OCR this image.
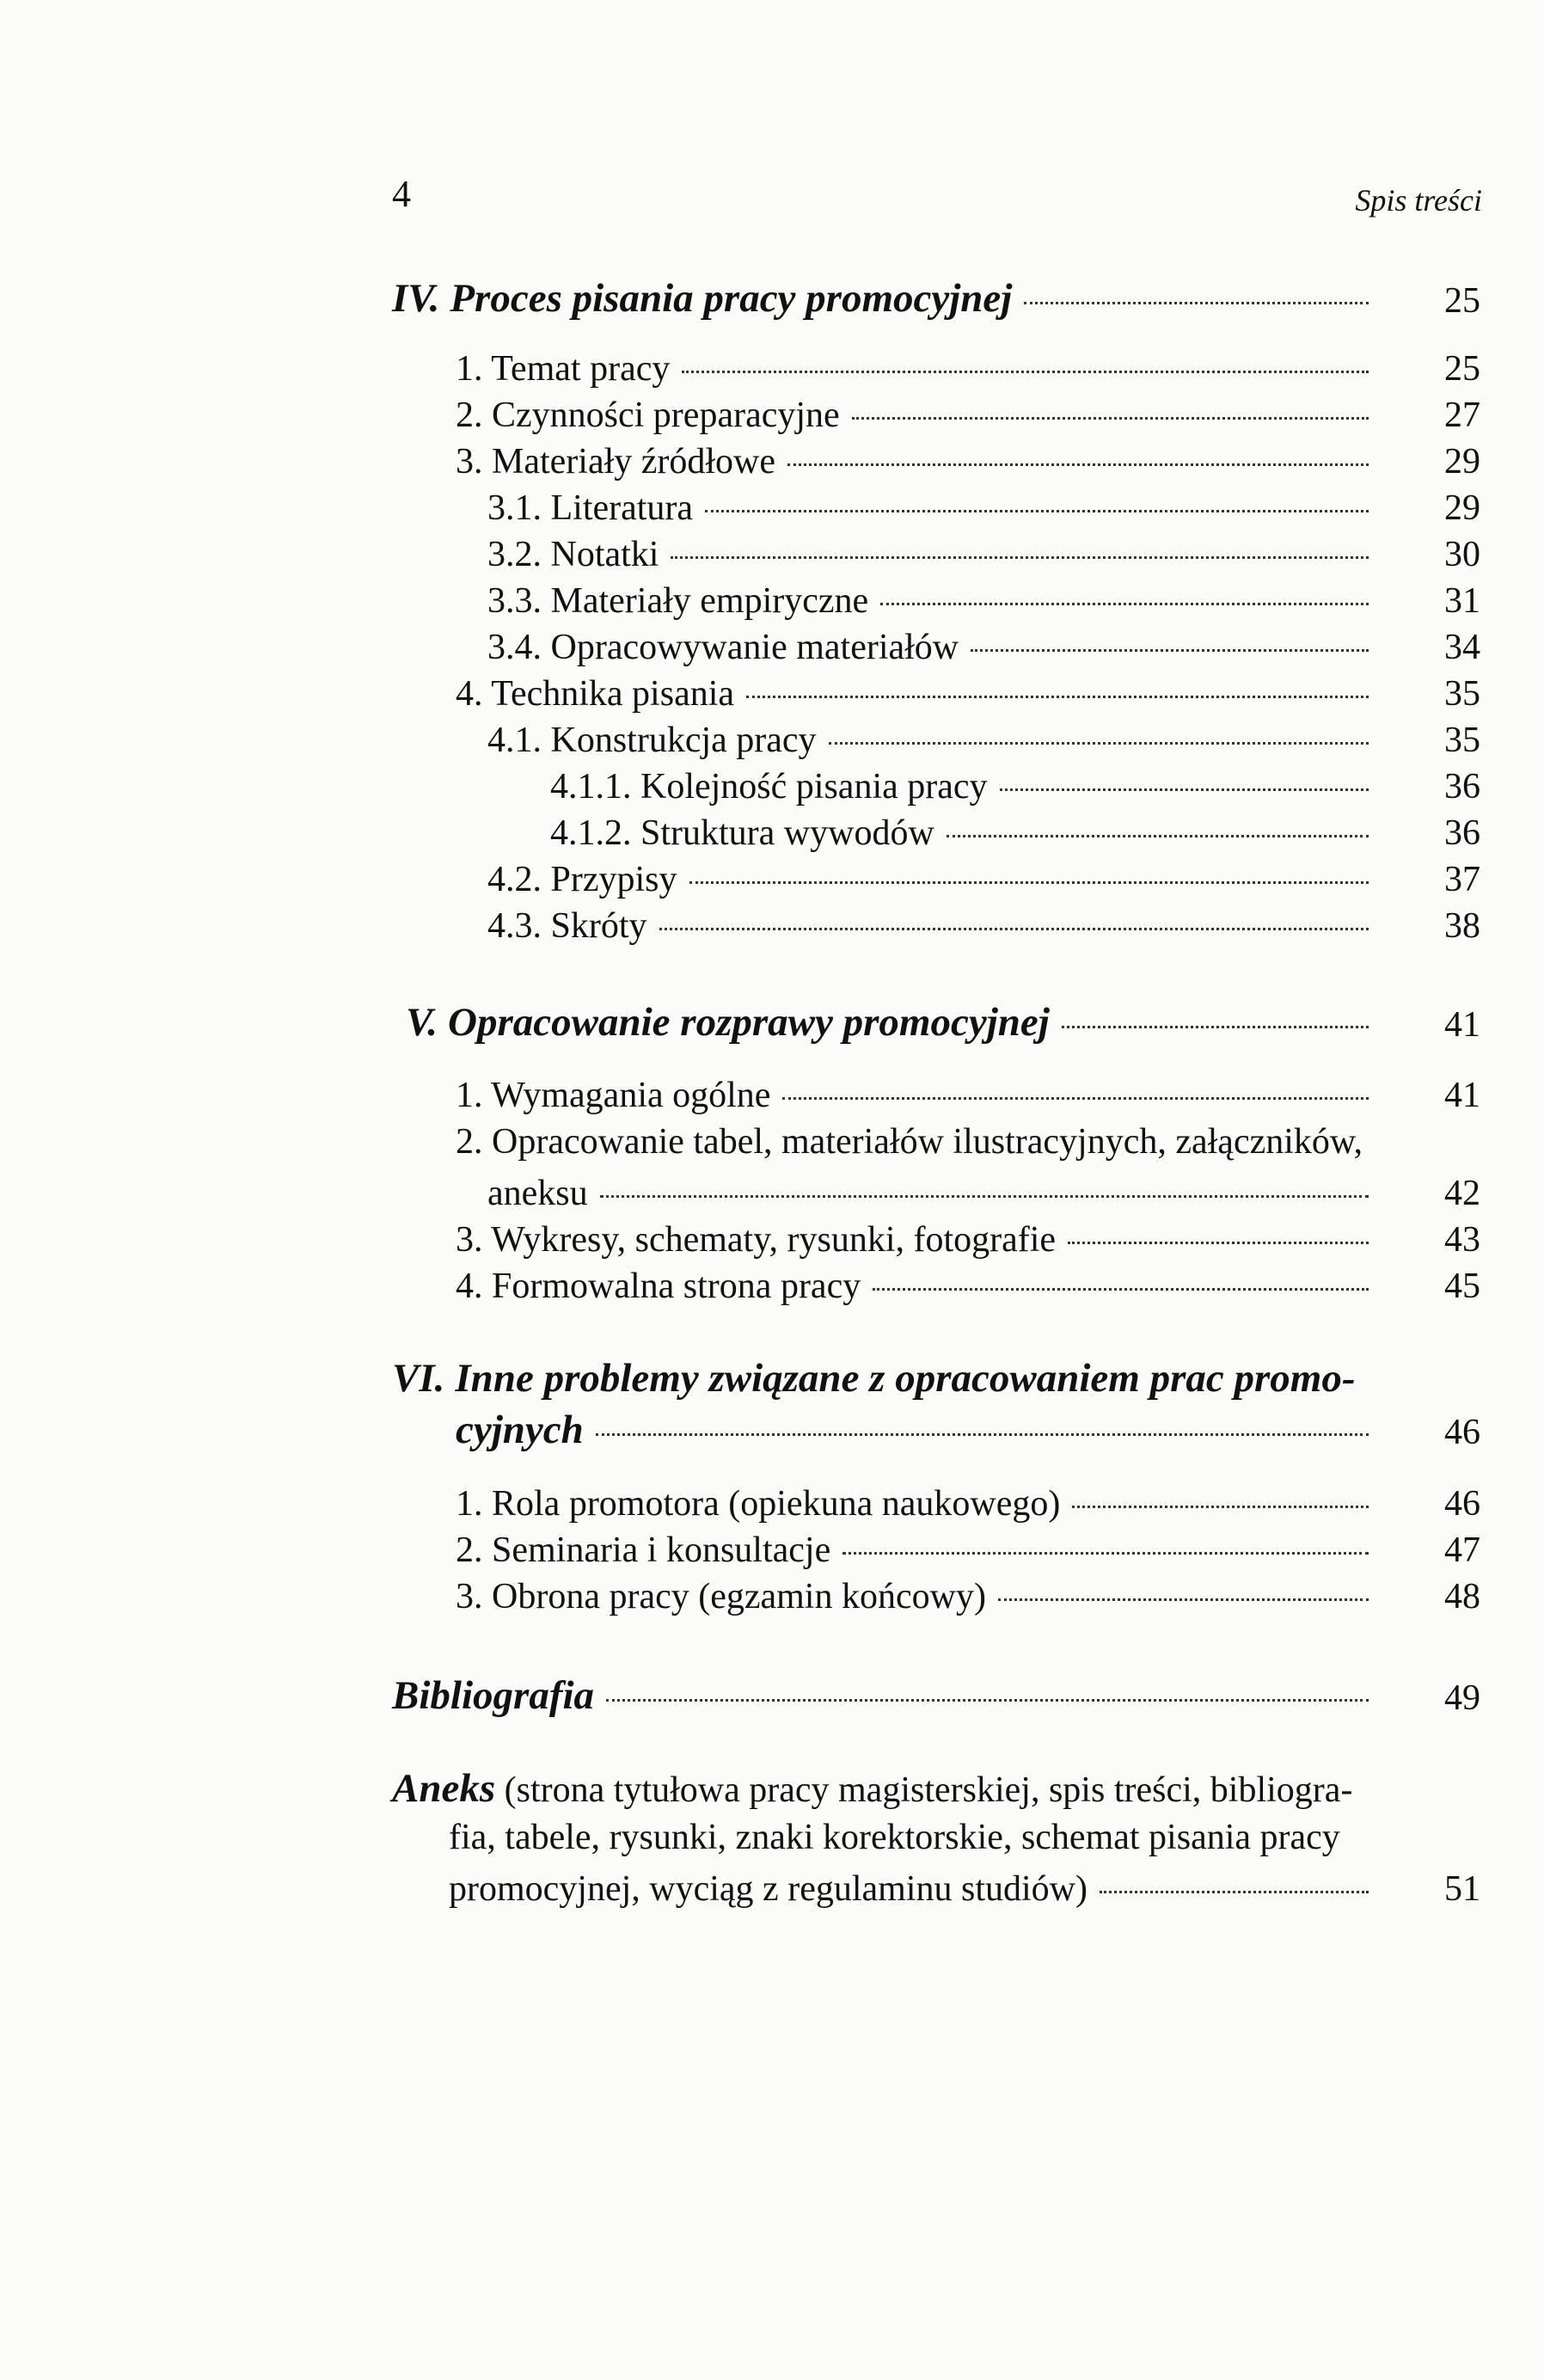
4	Spis treści
IV. Proces pisania pracy promocyjnej	25
1. Temat pracy	25
2. Czynności preparacyjne	27
3. Materiały źródłowe	29
3.1. Literatura	29
3.2. Notatki	30
3.3. Materiały empiryczne	31
3.4. Opracowywanie materiałów	34
4. Technika pisania	35
4.1. Konstrukcja pracy	35
4.1.1. Kolejność pisania pracy	36
4.1.2. Struktura wywodów	36
4.2. Przypisy	37
4.3. Skróty	38
V. Opracowanie rozprawy promocyjnej	41
1. Wymagania ogólne	41
2. Opracowanie tabel, materiałów ilustracyjnych, załączników,
aneksu	42
3. Wykresy, schematy, rysunki, fotografie	43
4. Formowalna strona pracy	45
VI. Inne problemy związane z opracowaniem prac promo-
cyjnych	46
1. Rola promotora (opiekuna naukowego)	46
2. Seminaria i konsultacje	47
3. Obrona pracy (egzamin końcowy)	48
Bibliografia	49
Aneks (strona tytułowa pracy magisterskiej, spis treści, bibliogra-
fia, tabele, rysunki, znaki korektorskie, schemat pisania pracy
promocyjnej, wyciąg z regulaminu studiów)	51
